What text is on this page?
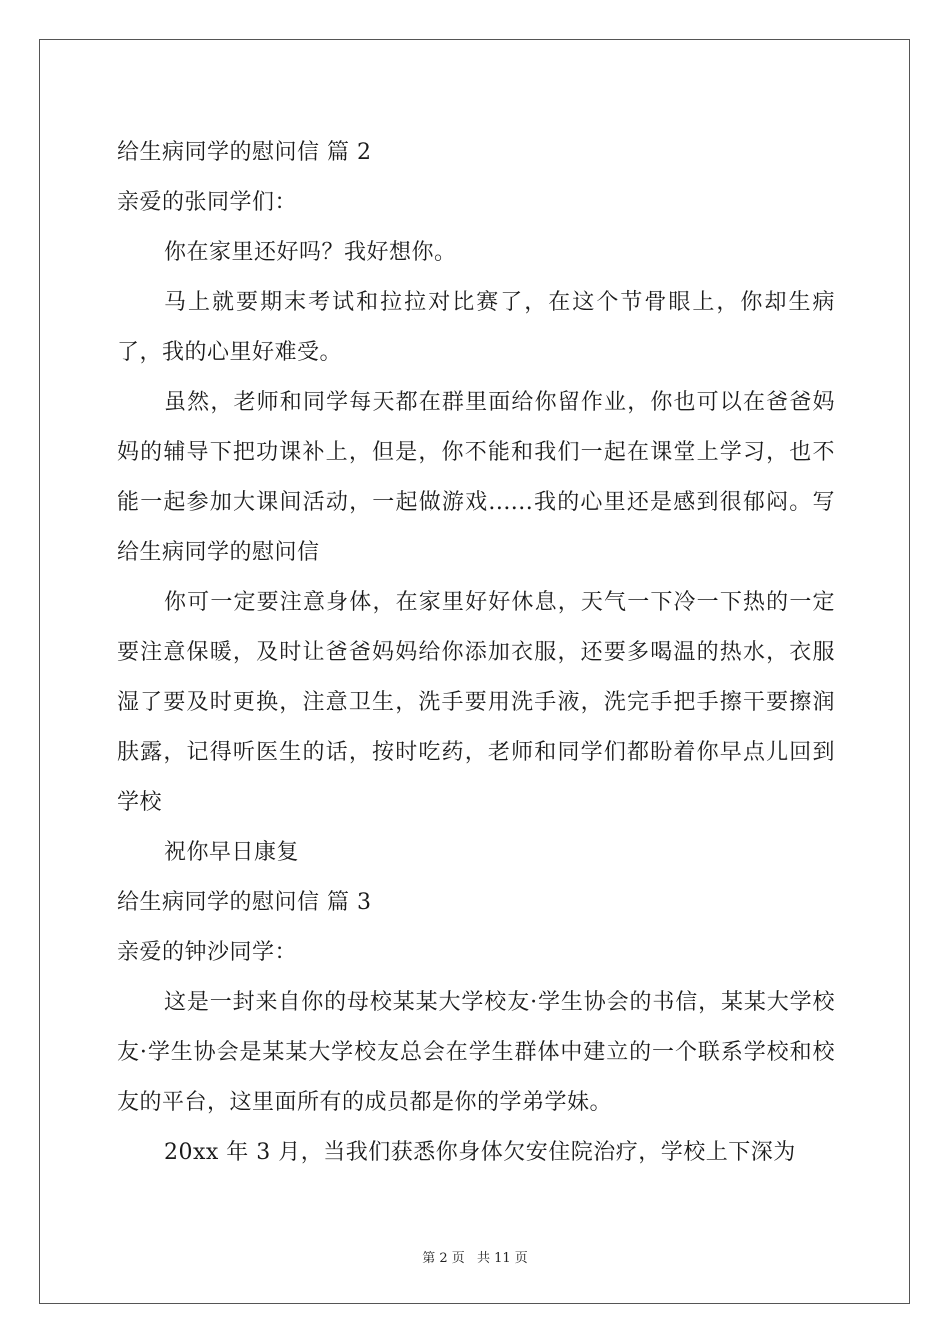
给生病同学的慰问信 篇 2

亲爱的张同学们：

你在家里还好吗？我好想你。

马上就要期末考试和拉拉对比赛了，在这个节骨眼上，你却生病了，我的心里好难受。

虽然，老师和同学每天都在群里面给你留作业，你也可以在爸爸妈妈的辅导下把功课补上，但是，你不能和我们一起在课堂上学习，也不能一起参加大课间活动，一起做游戏......我的心里还是感到很郁闷。写给生病同学的慰问信

你可一定要注意身体，在家里好好休息，天气一下冷一下热的一定要注意保暖，及时让爸爸妈妈给你添加衣服，还要多喝温的热水，衣服湿了要及时更换，注意卫生，洗手要用洗手液，洗完手把手擦干要擦润肤露，记得听医生的话，按时吃药，老师和同学们都盼着你早点儿回到学校

祝你早日康复

给生病同学的慰问信 篇 3

亲爱的钟沙同学：

这是一封来自你的母校某某大学校友·学生协会的书信，某某大学校友·学生协会是某某大学校友总会在学生群体中建立的一个联系学校和校友的平台，这里面所有的成员都是你的学弟学妹。

20xx 年 3 月，当我们获悉你身体欠安住院治疗，学校上下深为

第 2 页 共 11 页
